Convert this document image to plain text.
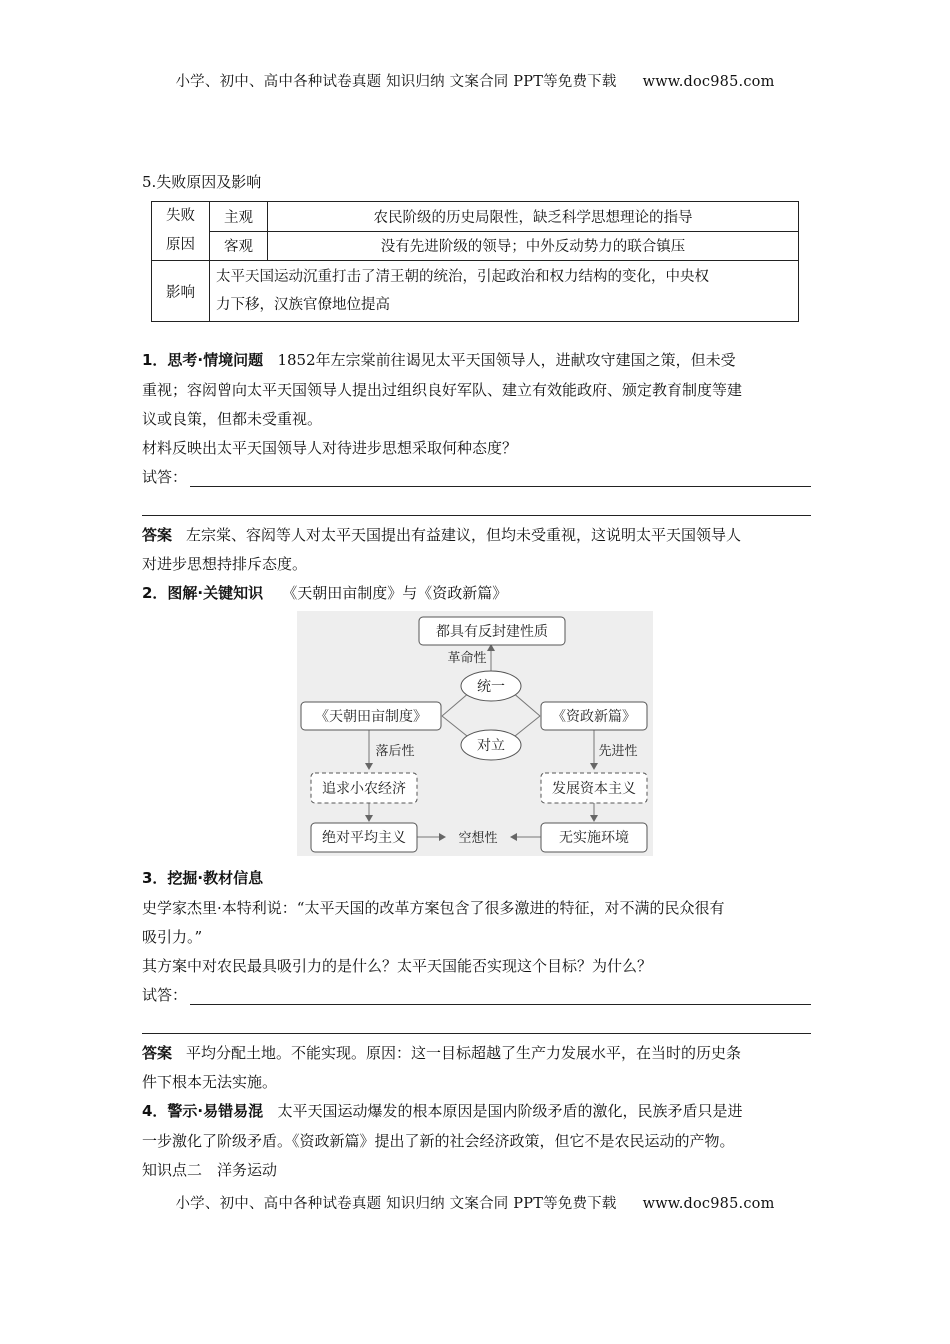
小学、初中、高中各种试卷真题 知识归纳 文案合同 PPT等免费下载 www.doc985.com
5.失败原因及影响
失败
原因	主观	农民阶级的历史局限性，缺乏科学思想理论的指导
	客观	没有先进阶级的领导；中外反动势力的联合镇压
影响	太平天国运动沉重打击了清王朝的统治，引起政治和权力结构的变化，中央权
力下移，汉族官僚地位提高	
1．思考·情境问题 1852年左宗棠前往谒见太平天国领导人，进献攻守建国之策，但未受
重视；容闳曾向太平天国领导人提出过组织良好军队、建立有效能政府、颁定教育制度等建
议或良策，但都未受重视。
材料反映出太平天国领导人对待进步思想采取何种态度？
试答：
答案 左宗棠、容闳等人对太平天国提出有益建议，但均未受重视，这说明太平天国领导人
对进步思想持排斥态度。
2．图解·关键知识 《天朝田亩制度》与《资政新篇》
都具有反封建性质
革命性
统一
《天朝田亩制度》	《资政新篇》
对立
落后性	先进性
追求小农经济	发展资本主义
绝对平均主义	空想性	无实施环境
3．挖掘·教材信息
史学家杰里·本特利说：“太平天国的改革方案包含了很多激进的特征，对不满的民众很有
吸引力。”
其方案中对农民最具吸引力的是什么？太平天国能否实现这个目标？为什么？
试答：
答案 平均分配土地。不能实现。原因：这一目标超越了生产力发展水平，在当时的历史条
件下根本无法实施。
4．警示·易错易混 太平天国运动爆发的根本原因是国内阶级矛盾的激化，民族矛盾只是进
一步激化了阶级矛盾。《资政新篇》提出了新的社会经济政策，但它不是农民运动的产物。
知识点二　洋务运动
小学、初中、高中各种试卷真题 知识归纳 文案合同 PPT等免费下载 www.doc985.com
